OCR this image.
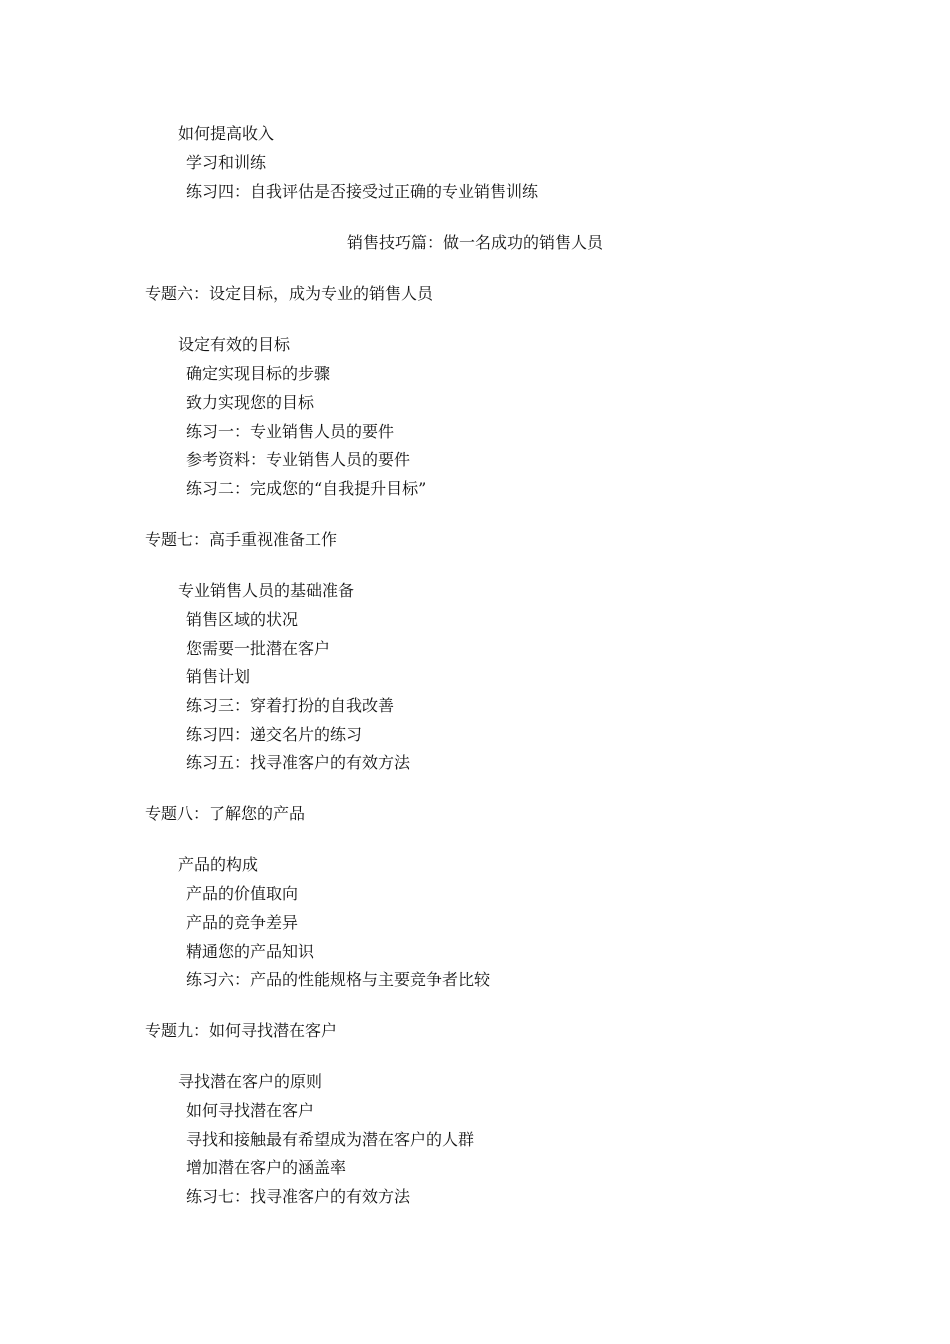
如何提高收入

学习和训练

练习四：自我评估是否接受过正确的专业销售训练

销售技巧篇：做一名成功的销售人员

专题六：设定目标，成为专业的销售人员

设定有效的目标

确定实现目标的步骤

致力实现您的目标

练习一：专业销售人员的要件

参考资料：专业销售人员的要件

练习二：完成您的“自我提升目标”

专题七：高手重视准备工作

专业销售人员的基础准备

销售区域的状况

您需要一批潜在客户

销售计划

练习三：穿着打扮的自我改善

练习四：递交名片的练习

练习五：找寻准客户的有效方法

专题八：了解您的产品

产品的构成

产品的价值取向

产品的竞争差异

精通您的产品知识

练习六：产品的性能规格与主要竞争者比较

专题九：如何寻找潜在客户

寻找潜在客户的原则

如何寻找潜在客户

寻找和接触最有希望成为潜在客户的人群

增加潜在客户的涵盖率

练习七：找寻准客户的有效方法
